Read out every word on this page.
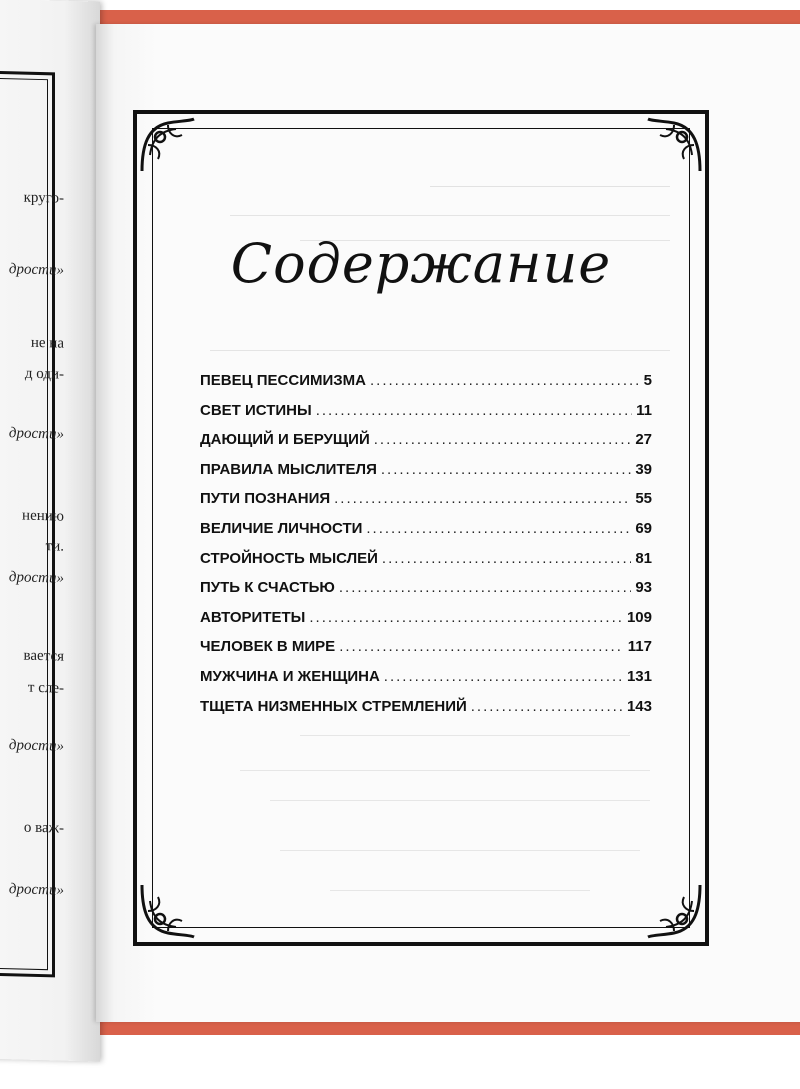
круго-
дрости»
не на
д оди-
дрости»
нению
ти.
дрости»
вается
т сле-
дрости»
о важ-
дрости»
Содержание
ПЕВЕЦ ПЕССИМИЗМА .....	5
СВЕТ ИСТИНЫ .....	11
ДАЮЩИЙ И БЕРУЩИЙ .....	27
ПРАВИЛА МЫСЛИТЕЛЯ .....	39
ПУТИ ПОЗНАНИЯ .....	55
ВЕЛИЧИЕ ЛИЧНОСТИ .....	69
СТРОЙНОСТЬ МЫСЛЕЙ .....	81
ПУТЬ К СЧАСТЬЮ .....	93
АВТОРИТЕТЫ .....	109
ЧЕЛОВЕК В МИРЕ .....	117
МУЖЧИНА И ЖЕНЩИНА .....	131
ТЩЕТА НИЗМЕННЫХ СТРЕМЛЕНИЙ .....	143
